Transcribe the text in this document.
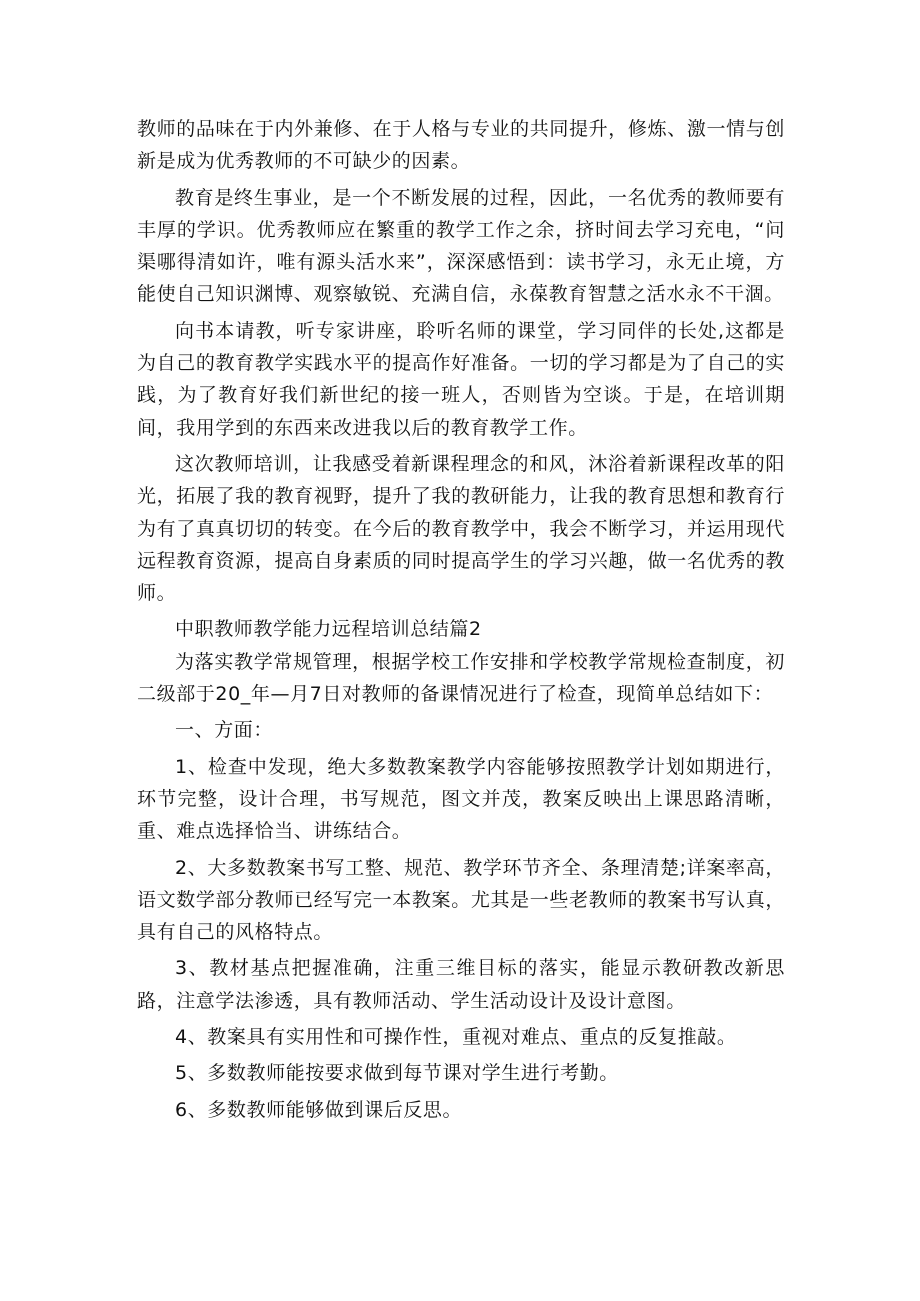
教师的品味在于内外兼修、在于人格与专业的共同提升，修炼、激一情与创新是成为优秀教师的不可缺少的因素。

教育是终生事业，是一个不断发展的过程，因此，一名优秀的教师要有丰厚的学识。优秀教师应在繁重的教学工作之余，挤时间去学习充电，“问渠哪得清如许，唯有源头活水来”，深深感悟到：读书学习，永无止境，方能使自己知识渊博、观察敏锐、充满自信，永葆教育智慧之活水永不干涸。

向书本请教，听专家讲座，聆听名师的课堂，学习同伴的长处,这都是为自己的教育教学实践水平的提高作好准备。一切的学习都是为了自己的实践，为了教育好我们新世纪的接一班人，否则皆为空谈。于是，在培训期间，我用学到的东西来改进我以后的教育教学工作。

这次教师培训，让我感受着新课程理念的和风，沐浴着新课程改革的阳光，拓展了我的教育视野，提升了我的教研能力，让我的教育思想和教育行为有了真真切切的转变。在今后的教育教学中，我会不断学习，并运用现代远程教育资源，提高自身素质的同时提高学生的学习兴趣，做一名优秀的教师。

中职教师教学能力远程培训总结篇2

为落实教学常规管理，根据学校工作安排和学校教学常规检查制度，初二级部于20_年—月7日对教师的备课情况进行了检查，现简单总结如下：

一、方面：

1、检查中发现，绝大多数教案教学内容能够按照教学计划如期进行，环节完整，设计合理，书写规范，图文并茂，教案反映出上课思路清晰，重、难点选择恰当、讲练结合。

2、大多数教案书写工整、规范、教学环节齐全、条理清楚;详案率高，语文数学部分教师已经写完一本教案。尤其是一些老教师的教案书写认真，具有自己的风格特点。

3、教材基点把握准确，注重三维目标的落实，能显示教研教改新思路，注意学法渗透，具有教师活动、学生活动设计及设计意图。

4、教案具有实用性和可操作性，重视对难点、重点的反复推敲。

5、多数教师能按要求做到每节课对学生进行考勤。

6、多数教师能够做到课后反思。
